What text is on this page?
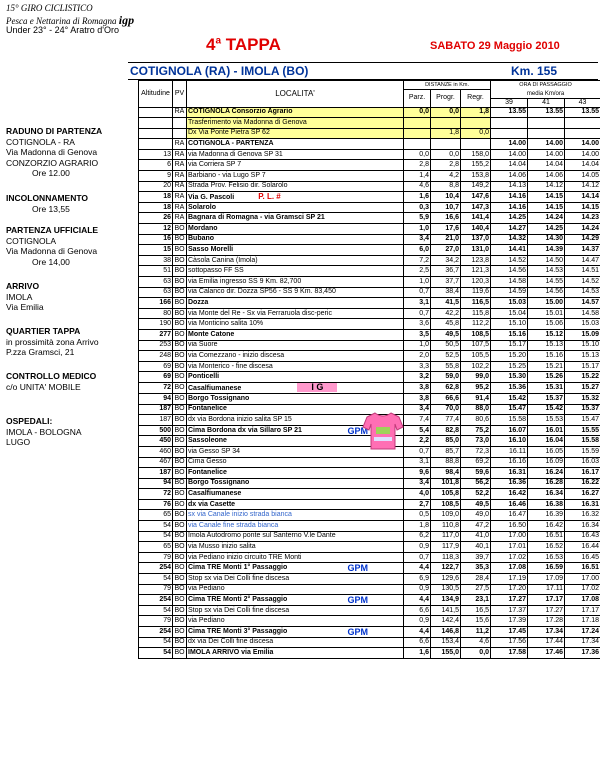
15° GIRO CICLISTICO
Pesca e Nettarina di Romagna igp
Under 23° - 24° Aratro d'Oro
4$^a$ TAPPA	SABATO 29 Maggio 2010
COTIGNOLA (RA) - IMOLA (BO)	Km. 155
RADUNO DI PARTENZA
COTIGNOLA - RA
Via Madonna di Genova
CONZORZIO AGRARIO
Ore 12.00
INCOLONNAMENTO
Ore 13,55
PARTENZA UFFICIALE
COTIGNOLA
Via Madonna di Genova
Ore 14,00
ARRIVO
IMOLA
Via Emilia
QUARTIER TAPPA
in prossimità zona Arrivo
P.zza Gramsci, 21
CONTROLLO MEDICO
c/o UNITA' MOBILE
OSPEDALI:
IMOLA - BOLOGNA
LUGO
Altitudine	PV	LOCALITA'	DISTANZE in Km.			ORA DI PASSAGGIO		
			Parz.	Progr.	Regr.	media Km/ora		
						39	41	43
	RA	COTIGNOLA Consorzio Agrario	0,0	0,0	1,8	13.55	13.55	13.55
		Trasferimento via Madonna di Genova						
		Dx Via Ponte Pietra SP 62		1,8	0,0			
	RA	COTIGNOLA - PARTENZA				14.00	14.00	14.00
13	RA	via Madonna di Genova SP 31	0,0	0,0	158,0	14.00	14.00	14.00
6	RA	via Corriera SP 7	2,8	2,8	155,2	14.04	14.04	14.04
9	RA	Barbiano - via Lugo SP 7	1,4	4,2	153,8	14.06	14.06	14.05
20	RA	Strada Prov. Felisio dir. Solarolo	4,6	8,8	149,2	14.13	14.12	14.12
18	RA	Via G. Pascoli P. L. #	1,6	10,4	147,6	14.16	14.15	14.14
18	RA	Solarolo	0,3	10,7	147,3	14.16	14.15	14.15
26	RA	Bagnara di Romagna - via Gramsci SP 21	5,9	16,6	141,4	14.25	14.24	14.23
12	BO	Mordano	1,0	17,6	140,4	14.27	14.25	14.24
16	BO	Bubano	3,4	21,0	137,0	14.32	14.30	14.29
15	BO	Sasso Morelli	6,0	27,0	131,0	14.41	14.39	14.37
38	BO	Càsola Canina (Imola)	7,2	34,2	123,8	14.52	14.50	14.47
51	BO	sottopasso FF SS	2,5	36,7	121,3	14.56	14.53	14.51
63	BO	via Emilia ingresso SS 9 Km. 82,700	1,0	37,7	120,3	14.58	14.55	14.52
63	BO	via Calanco dir. Dozza SP56 - SS 9 Km. 83,450	0,7	38,4	119,6	14.59	14.56	14.53
166	BO	Dozza	3,1	41,5	116,5	15.03	15.00	14.57
80	BO	via Monte del Re - Sx via Ferraruola disc-peric	0,7	42,2	115,8	15.04	15.01	14.58
190	BO	via Monticino salita 10%	3,6	45,8	112,2	15.10	15.06	15.03
277	BO	Monte Catone	3,5	49,5	108,5	15.16	15.12	15.09
253	BO	via Suore	1,0	50,5	107,5	15.17	15.13	15.10
248	BO	via Comezzano - inizio discesa	2,0	52,5	105,5	15.20	15.16	15.13
69	BO	via Monterico - fine discesa	3,3	55,8	102,2	15.25	15.21	15.17
69	BO	Ponticelli	3,2	59,0	99,0	15.30	15.26	15.22
72	BO	Casalfiumanese I G	3,8	62,8	95,2	15.36	15.31	15.27
94	BO	Borgo Tossignano	3,8	66,6	91,4	15.42	15.37	15.32
187	BO	Fontanelice	3,4	70,0	88,0	15.47	15.42	15.37
187	BO	dx via Bordona inizio salita SP 15	7,4	77,4	80,6	15.58	15.53	15.47
500	BO	Cima Bordona dx via Sillaro SP 21 GPM	5,4	82,8	75,2	16.07	16.01	15.55
450	BO	Sassoleone	2,2	85,0	73,0	16.10	16.04	15.58
460	BO	via Gesso SP 34	0,7	85,7	72,3	16.11	16.05	15.59
467	BO	Cima Gesso	3,1	88,8	69,2	16.16	16.09	16.03
187	BO	Fontanelice	9,6	98,4	59,6	16.31	16.24	16.17
94	BO	Borgo Tossignano	3,4	101,8	56,2	16.36	16.28	16.22
72	BO	Casalfiumanese	4,0	105,8	52,2	16.42	16.34	16.27
76	BO	dx via Casette	2,7	108,5	49,5	16.46	16.38	16.31
65	BO	sx via Canale inizio strada bianca	0,5	109,0	49,0	16.47	16.39	16.32
54	BO	via Canale fine strada bianca	1,8	110,8	47,2	16.50	16.42	16.34
54	BO	Imola Autodromo ponte sul Santerno V.le Dante	6,2	117,0	41,0	17.00	16.51	16.43
65	BO	via Musso inizio salita	0,9	117,9	40,1	17.01	16.52	16.44
79	BO	via Pediano inizio circuito TRE Monti	0,7	118,3	39,7	17.02	16.53	16.45
254	BO	Cima TRE Monti 1° Passaggio GPM	4,4	122,7	35,3	17.08	16.59	16.51
54	BO	Stop sx via Dei Colli fine discesa	6,9	129,6	28,4	17.19	17.09	17.00
79	BO	via Pediano	0,9	130,5	27,5	17.20	17.11	17.02
254	BO	Cima TRE Monti 2° Passaggio GPM	4,4	134,9	23,1	17.27	17.17	17.08
54	BO	Stop sx via Dei Colli fine discesa	6,6	141,5	16,5	17.37	17.27	17.17
79	BO	via Pediano	0,9	142,4	15,6	17.39	17.28	17.18
254	BO	Cima TRE Monti 3° Passaggio GPM	4,4	146,8	11,2	17.45	17.34	17.24
54	BO	dx via Dei Colli fine discesa	6,6	153,4	4,6	17.56	17.44	17.34
54	BO	IMOLA ARRIVO via Emilia	1,6	155,0	0,0	17.58	17.46	17.36
